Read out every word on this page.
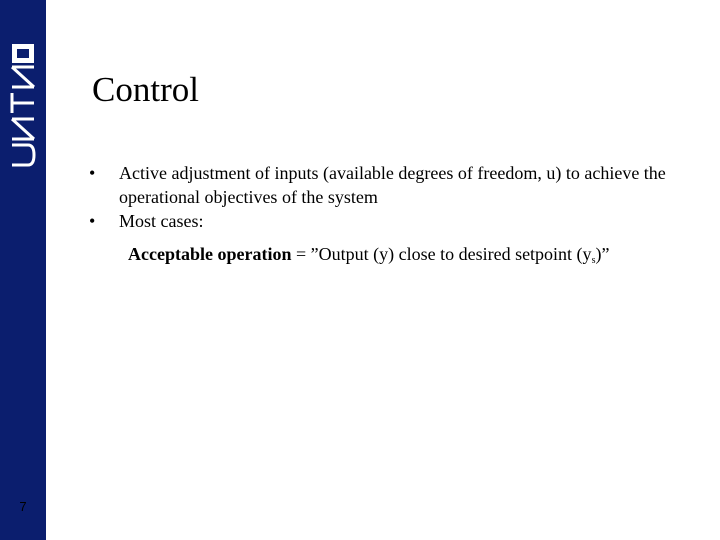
7
Control
• Active adjustment of inputs (available degrees of freedom, u) to achieve the operational objectives of the system
• Most cases:
Acceptable operation = ”Output (y) close to desired setpoint $(y_s)$”
